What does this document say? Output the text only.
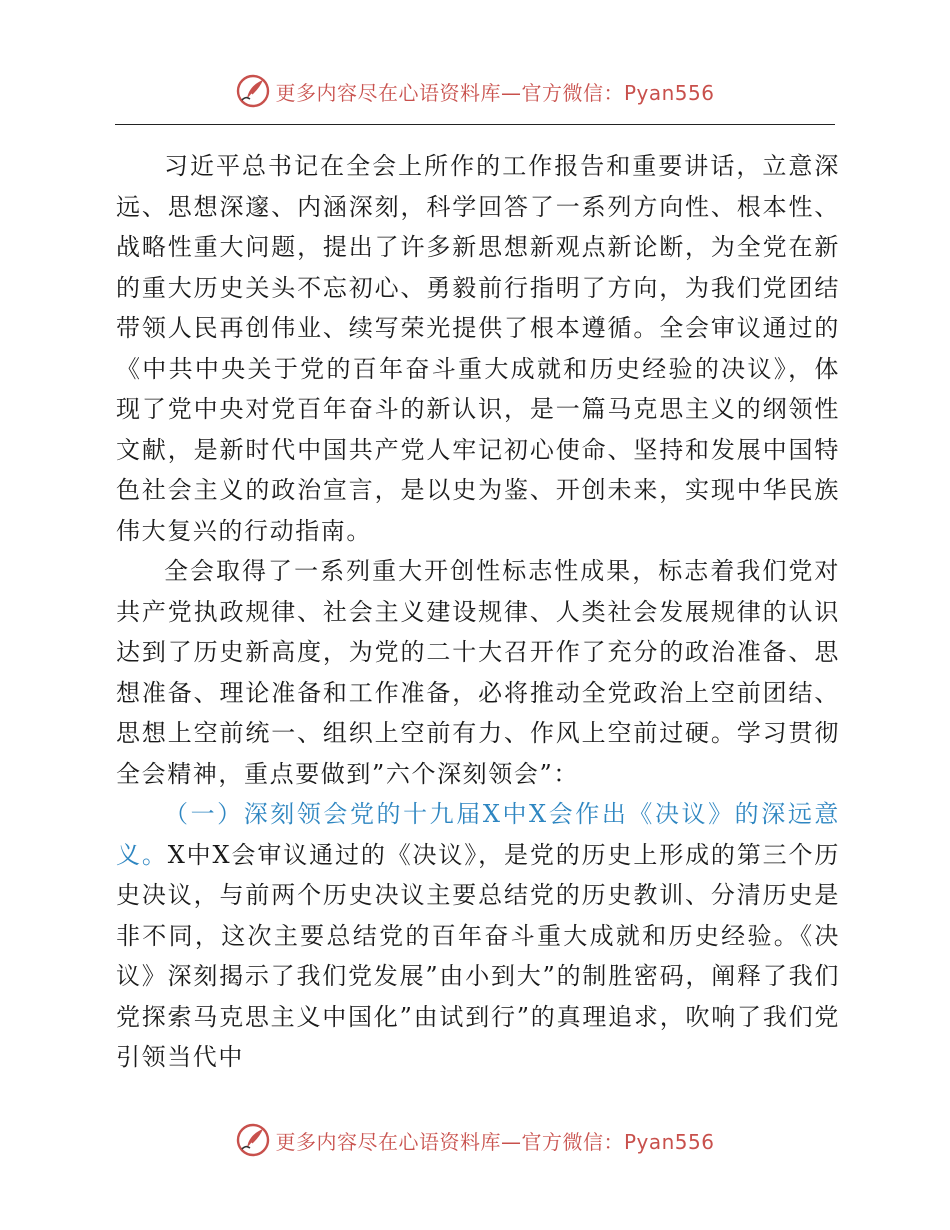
更多内容尽在心语资料库—官方微信：Pyan556

习近平总书记在全会上所作的工作报告和重要讲话，立意深远、思想深邃、内涵深刻，科学回答了一系列方向性、根本性、战略性重大问题，提出了许多新思想新观点新论断，为全党在新的重大历史关头不忘初心、勇毅前行指明了方向，为我们党团结带领人民再创伟业、续写荣光提供了根本遵循。全会审议通过的《中共中央关于党的百年奋斗重大成就和历史经验的决议》，体现了党中央对党百年奋斗的新认识，是一篇马克思主义的纲领性文献，是新时代中国共产党人牢记初心使命、坚持和发展中国特色社会主义的政治宣言，是以史为鉴、开创未来，实现中华民族伟大复兴的行动指南。

全会取得了一系列重大开创性标志性成果，标志着我们党对共产党执政规律、社会主义建设规律、人类社会发展规律的认识达到了历史新高度，为党的二十大召开作了充分的政治准备、思想准备、理论准备和工作准备，必将推动全党政治上空前团结、思想上空前统一、组织上空前有力、作风上空前过硬。学习贯彻全会精神，重点要做到”六个深刻领会”：

（一）深刻领会党的十九届X中X会作出《决议》的深远意义。X中X会审议通过的《决议》，是党的历史上形成的第三个历史决议，与前两个历史决议主要总结党的历史教训、分清历史是非不同，这次主要总结党的百年奋斗重大成就和历史经验。《决议》深刻揭示了我们党发展”由小到大”的制胜密码，阐释了我们党探索马克思主义中国化”由试到行”的真理追求，吹响了我们党引领当代中

更多内容尽在心语资料库—官方微信：Pyan556
